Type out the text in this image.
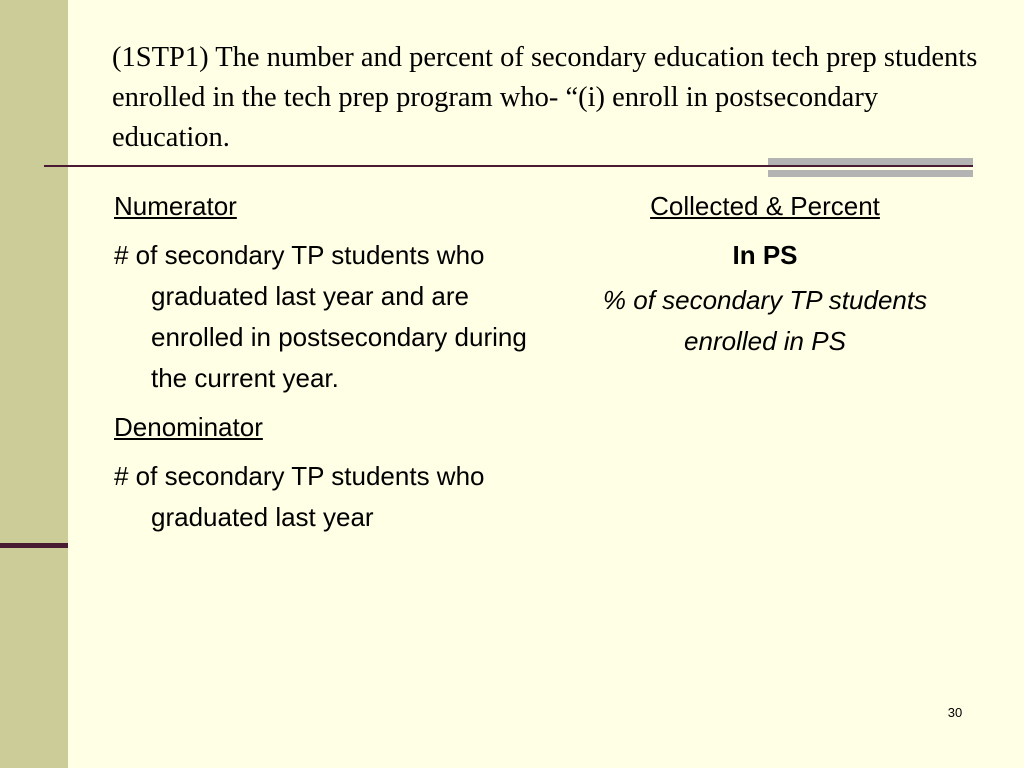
(1STP1) The number and percent of secondary education tech prep students enrolled in the tech prep program who- “(i) enroll in postsecondary education.
Numerator
# of secondary TP students who graduated last year and are enrolled in postsecondary during the current year.
Denominator
# of secondary TP students who graduated last year
Collected & Percent
In PS
% of secondary TP students enrolled in PS
30
